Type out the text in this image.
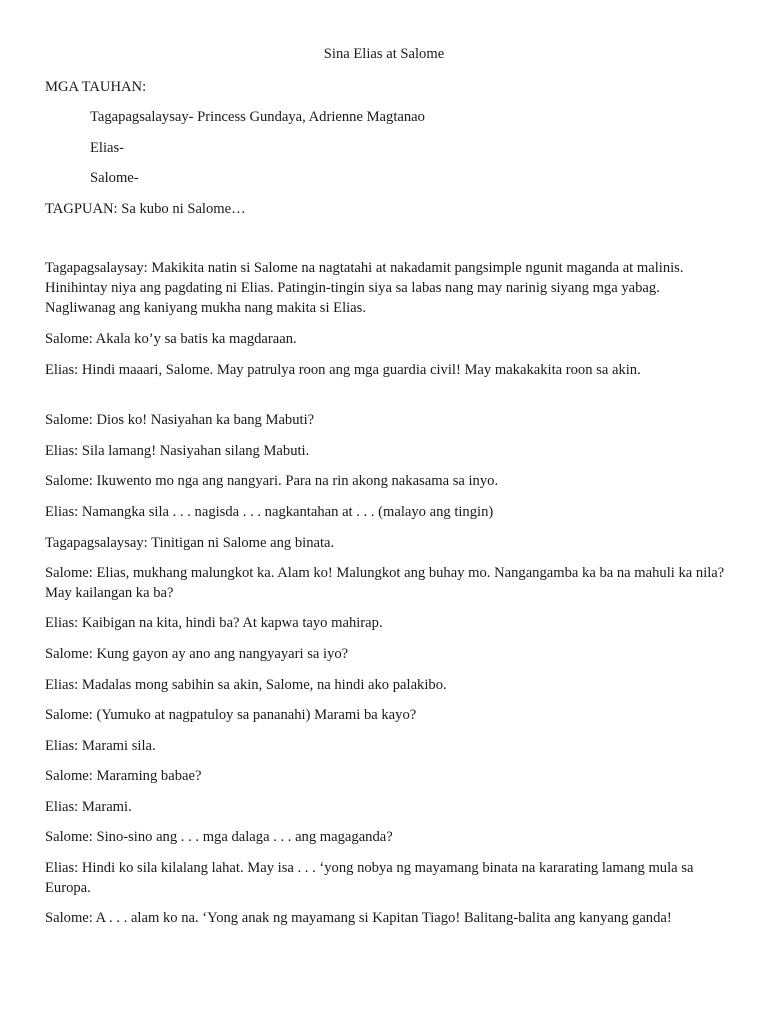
Sina Elias at Salome
MGA TAUHAN:
Tagapagsalaysay- Princess Gundaya, Adrienne Magtanao
Elias-
Salome-
TAGPUAN: Sa kubo ni Salome…
Tagapagsalaysay: Makikita natin si Salome na nagtatahi at nakadamit pangsimple ngunit maganda at malinis. Hinihintay niya ang pagdating ni Elias. Patingin-tingin siya sa labas nang may narinig siyang mga yabag. Nagliwanag ang kaniyang mukha nang makita si Elias.
Salome: Akala ko’y sa batis ka magdaraan.
Elias: Hindi maaari, Salome. May patrulya roon ang mga guardia civil! May makakakita roon sa akin.
Salome: Dios ko! Nasiyahan ka bang Mabuti?
Elias: Sila lamang! Nasiyahan silang Mabuti.
Salome: Ikuwento mo nga ang nangyari. Para na rin akong nakasama sa inyo.
Elias: Namangka sila . . . nagisda . . . nagkantahan at . . . (malayo ang tingin)
Tagapagsalaysay: Tinitigan ni Salome ang binata.
Salome: Elias, mukhang malungkot ka. Alam ko! Malungkot ang buhay mo. Nangangamba ka ba na mahuli ka nila? May kailangan ka ba?
Elias: Kaibigan na kita, hindi ba? At kapwa tayo mahirap.
Salome: Kung gayon ay ano ang nangyayari sa iyo?
Elias: Madalas mong sabihin sa akin, Salome, na hindi ako palakibo.
Salome: (Yumuko at nagpatuloy sa pananahi) Marami ba kayo?
Elias: Marami sila.
Salome: Maraming babae?
Elias: Marami.
Salome: Sino-sino ang . . . mga dalaga . . . ang magaganda?
Elias: Hindi ko sila kilalang lahat. May isa . . . ‘yong nobya ng mayamang binata na kararating lamang mula sa Europa.
Salome: A . . . alam ko na. ‘Yong anak ng mayamang si Kapitan Tiago! Balitang-balita ang kanyang ganda!
